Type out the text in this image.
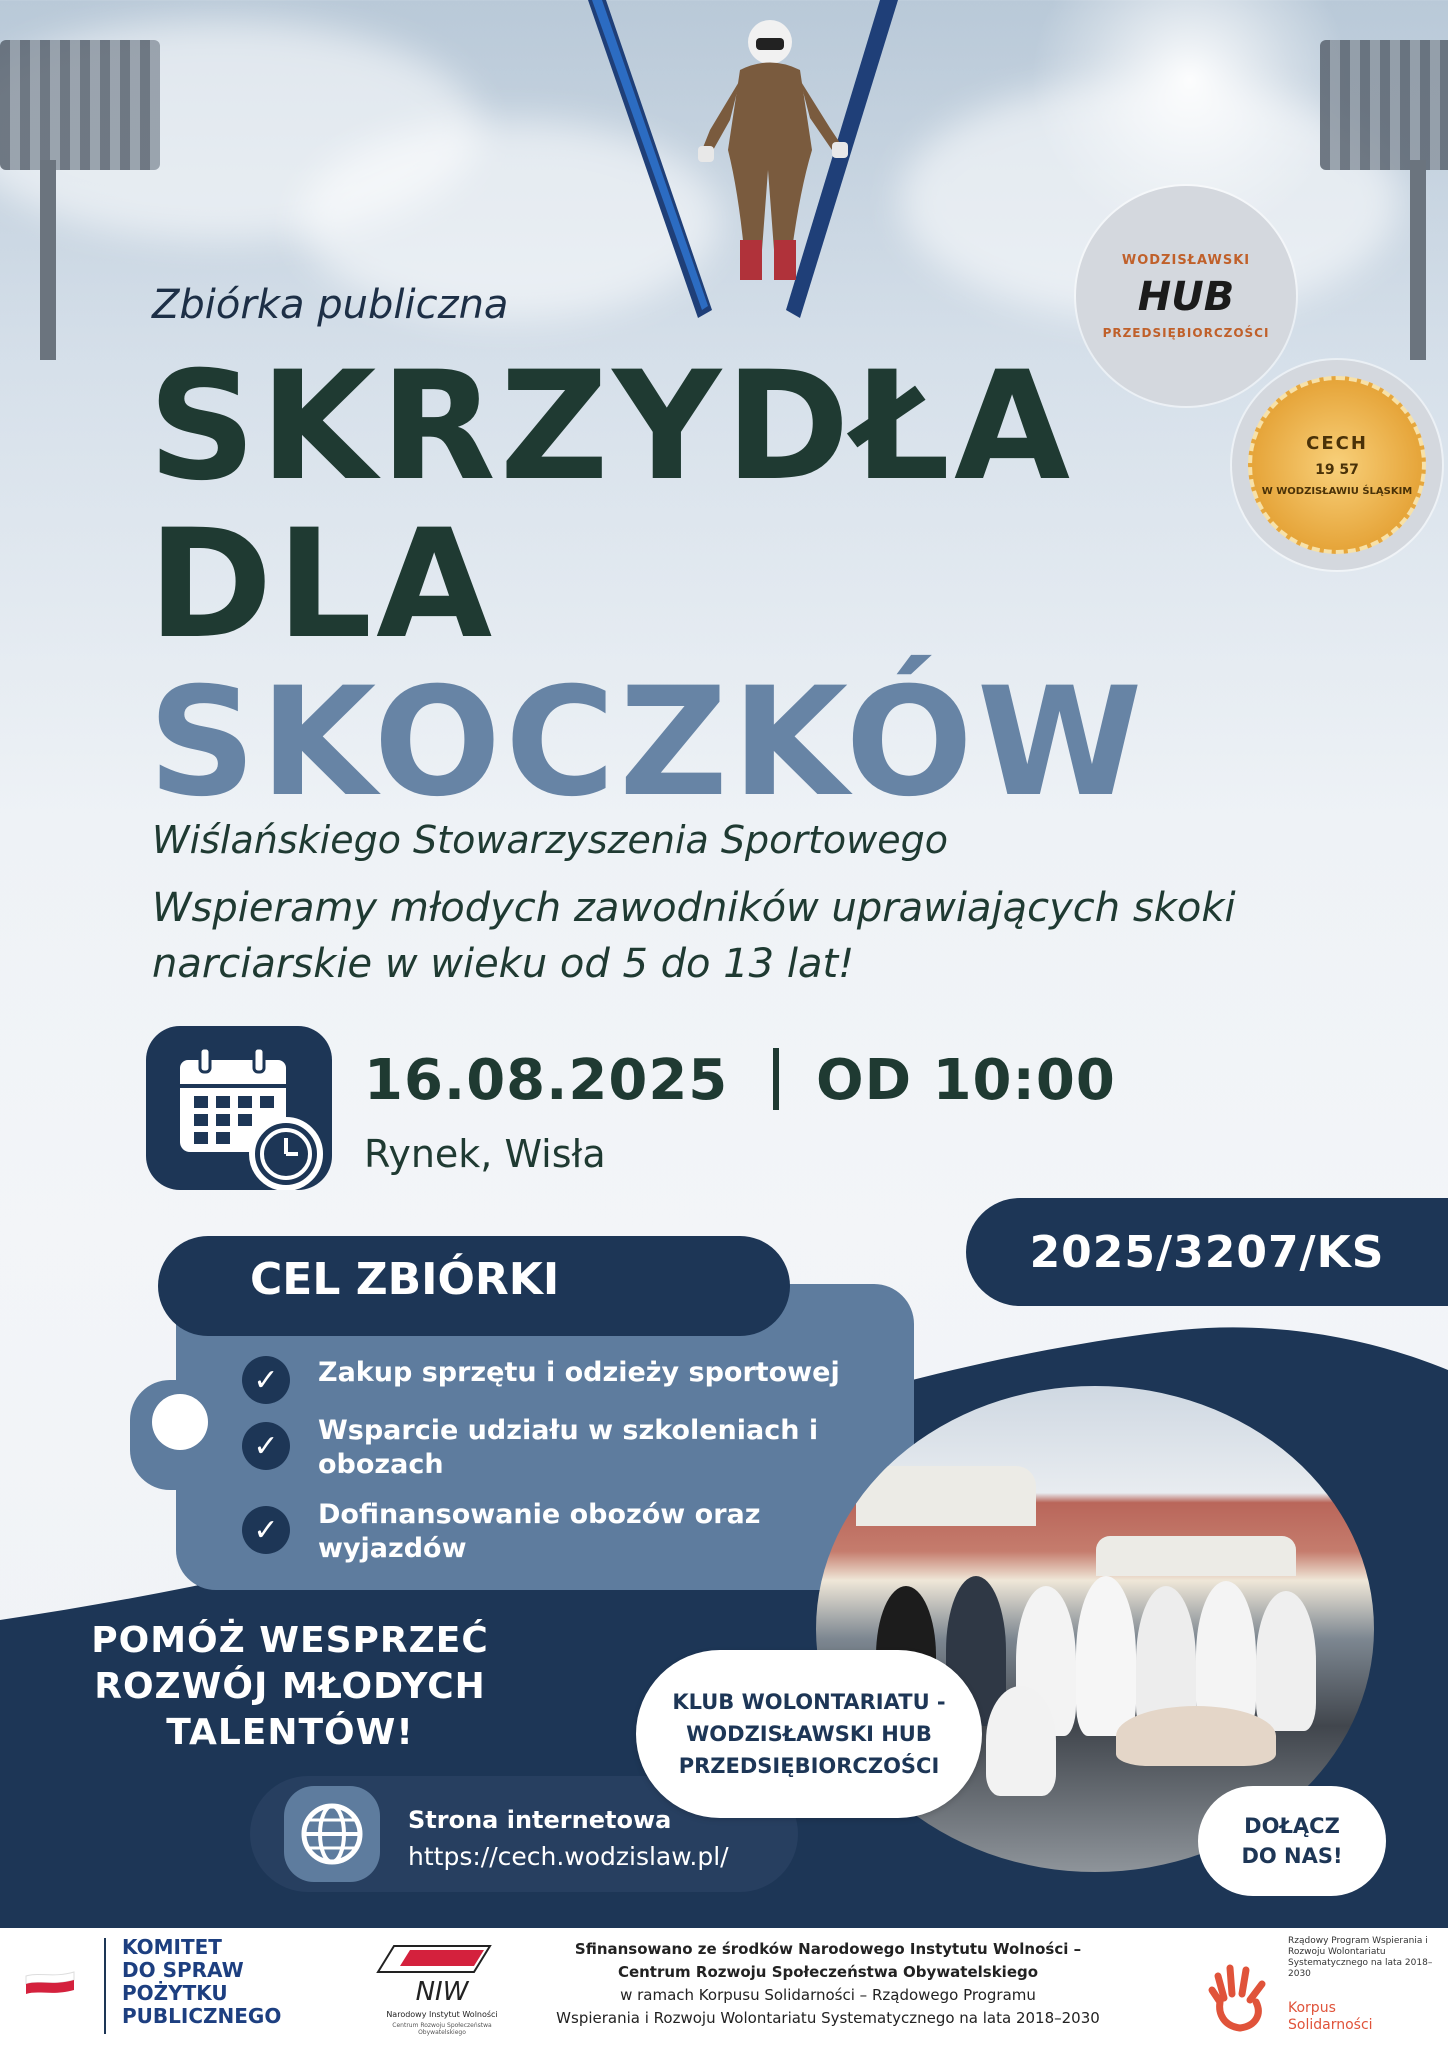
Zbiórka publiczna
SKRZYDŁA
DLA
SKOCZKÓW
Wiślańskiego Stowarzyszenia Sportowego
Wspieramy młodych zawodników uprawiających skoki narciarskie w wieku od 5 do 13 lat!
WODZISŁAWSKI
HUB
PRZEDSIĘBIORCZOŚCI
CECH
19 57
W WODZISŁAWIU ŚLĄSKIM
16.08.2025 OD 10:00
Rynek, Wisła
2025/3207/KS
CEL ZBIÓRKI
✓	Zakup sprzętu i odzieży sportowej
✓	Wsparcie udziału w szkoleniach i obozach
✓	Dofinansowanie obozów oraz wyjazdów
POMÓŻ WESPRZEĆ ROZWÓJ MŁODYCH TALENTÓW!
Strona internetowa
https://cech.wodzislaw.pl/
KLUB WOLONTARIATU - WODZISŁAWSKI HUB PRZEDSIĘBIORCZOŚCI
DOŁĄCZ DO NAS!
KOMITET
DO SPRAW
POŻYTKU
PUBLICZNEGO
NIW
Narodowy Instytut Wolności
Centrum Rozwoju Społeczeństwa Obywatelskiego
Sfinansowano ze środków Narodowego Instytutu Wolności –
Centrum Rozwoju Społeczeństwa Obywatelskiego
w ramach Korpusu Solidarności – Rządowego Programu
Wspierania i Rozwoju Wolontariatu Systematycznego na lata 2018–2030
Rządowy Program Wspierania i Rozwoju Wolontariatu Systematycznego na lata 2018–2030
Korpus
Solidarności
